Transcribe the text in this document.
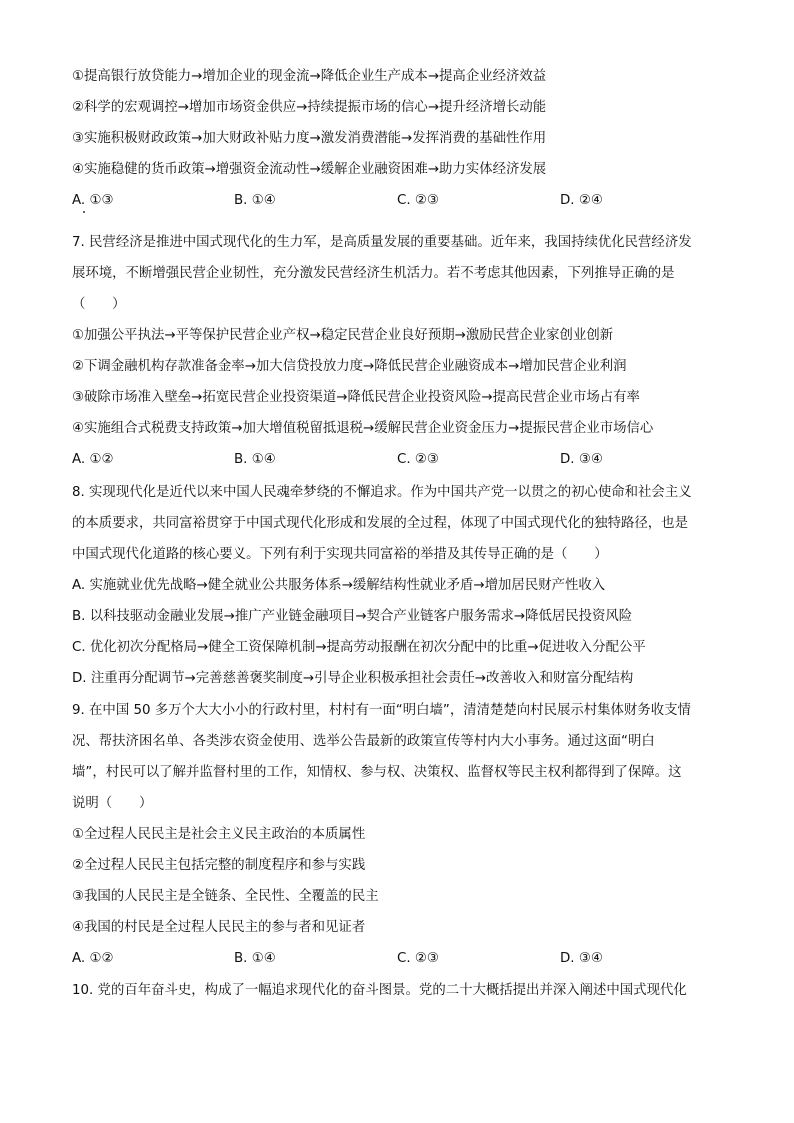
①提高银行放贷能力→增加企业的现金流→降低企业生产成本→提高企业经济效益
②科学的宏观调控→增加市场资金供应→持续提振市场的信心→提升经济增长动能
③实施积极财政政策→加大财政补贴力度→激发消费潜能→发挥消费的基础性作用
④实施稳健的货币政策→增强资金流动性→缓解企业融资困难→助力实体经济发展
A. ①③	B. ①④	C. ②③	D. ②④
7. 民营经济是推进中国式现代化的生力军，是高质量发展的重要基础。近年来，我国持续优化民营经济发
展环境，不断增强民营企业韧性，充分激发民营经济生机活力。若不考虑其他因素，下列推导正确的是
（　　）
①加强公平执法→平等保护民营企业产权→稳定民营企业良好预期→激励民营企业家创业创新
②下调金融机构存款准备金率→加大信贷投放力度→降低民营企业融资成本→增加民营企业利润
③破除市场准入壁垒→拓宽民营企业投资渠道→降低民营企业投资风险→提高民营企业市场占有率
④实施组合式税费支持政策→加大增值税留抵退税→缓解民营企业资金压力→提振民营企业市场信心
A. ①②	B. ①④	C. ②③	D. ③④
8. 实现现代化是近代以来中国人民魂牵梦绕的不懈追求。作为中国共产党一以贯之的初心使命和社会主义
的本质要求，共同富裕贯穿于中国式现代化形成和发展的全过程，体现了中国式现代化的独特路径，也是
中国式现代化道路的核心要义。下列有利于实现共同富裕的举措及其传导正确的是（　　）
A. 实施就业优先战略→健全就业公共服务体系→缓解结构性就业矛盾→增加居民财产性收入
B. 以科技驱动金融业发展→推广产业链金融项目→契合产业链客户服务需求→降低居民投资风险
C. 优化初次分配格局→健全工资保障机制→提高劳动报酬在初次分配中的比重→促进收入分配公平
D. 注重再分配调节→完善慈善褒奖制度→引导企业积极承担社会责任→改善收入和财富分配结构
9. 在中国 50 多万个大大小小的行政村里，村村有一面“明白墙”，清清楚楚向村民展示村集体财务收支情
况、帮扶济困名单、各类涉农资金使用、选举公告最新的政策宣传等村内大小事务。通过这面“明白
墙”，村民可以了解并监督村里的工作，知情权、参与权、决策权、监督权等民主权利都得到了保障。这
说明（　　）
①全过程人民民主是社会主义民主政治的本质属性
②全过程人民民主包括完整的制度程序和参与实践
③我国的人民民主是全链条、全民性、全覆盖的民主
④我国的村民是全过程人民民主的参与者和见证者
A. ①②	B. ①④	C. ②③	D. ③④
10. 党的百年奋斗史，构成了一幅追求现代化的奋斗图景。党的二十大概括提出并深入阐述中国式现代化
